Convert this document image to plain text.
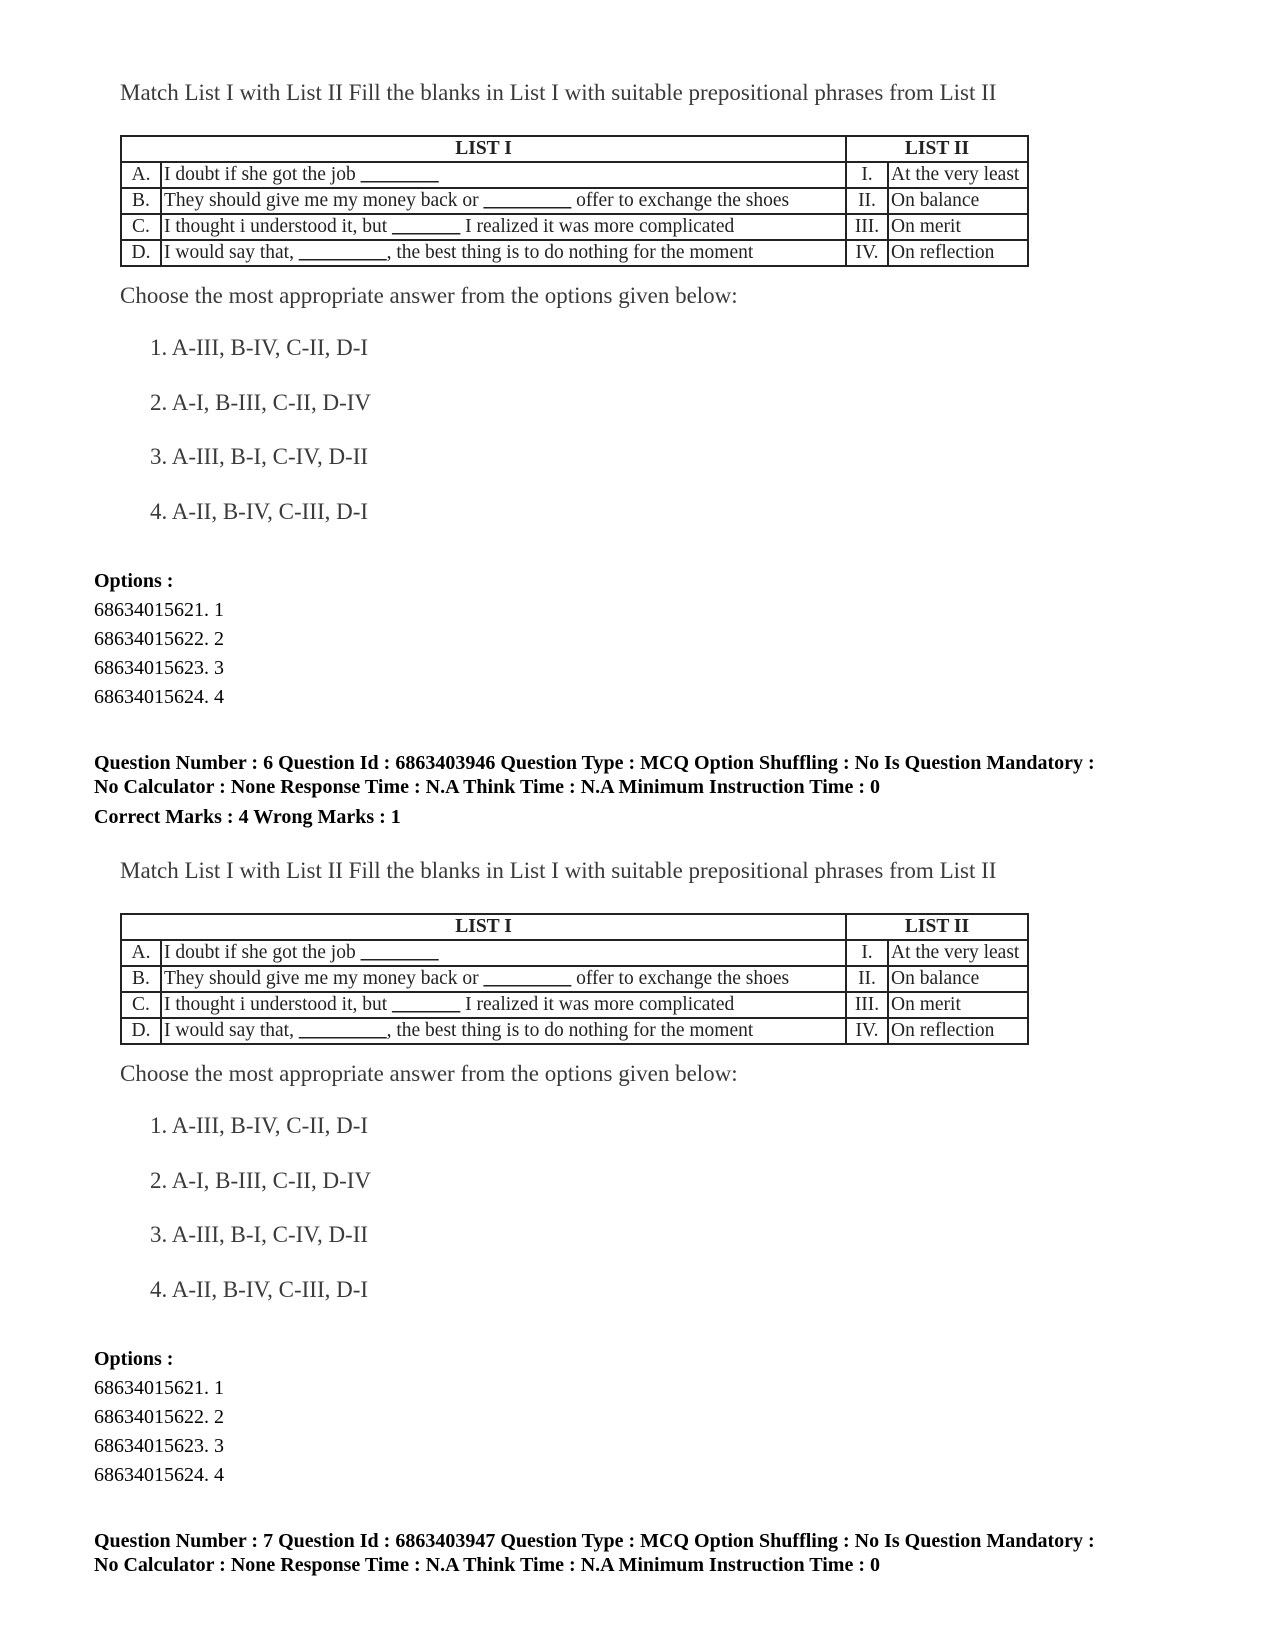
Match List I with List II Fill the blanks in List I with suitable prepositional phrases from List II
LIST I		LIST II	
A.	I doubt if she got the job ________	I.	At the very least
B.	They should give me my money back or _________ offer to exchange the shoes	II.	On balance
C.	I thought i understood it, but _______ I realized it was more complicated	III.	On merit
D.	I would say that, _________, the best thing is to do nothing for the moment	IV.	On reflection
Choose the most appropriate answer from the options given below:
1. A-III, B-IV, C-II, D-I
2. A-I, B-III, C-II, D-IV
3. A-III, B-I, C-IV, D-II
4. A-II, B-IV, C-III, D-I
Options :
68634015621. 1
68634015622. 2
68634015623. 3
68634015624. 4
Question Number : 6 Question Id : 6863403946 Question Type : MCQ Option Shuffling : No Is Question Mandatory :
No Calculator : None Response Time : N.A Think Time : N.A Minimum Instruction Time : 0
Correct Marks : 4 Wrong Marks : 1
Match List I with List II Fill the blanks in List I with suitable prepositional phrases from List II
LIST I		LIST II	
A.	I doubt if she got the job ________	I.	At the very least
B.	They should give me my money back or _________ offer to exchange the shoes	II.	On balance
C.	I thought i understood it, but _______ I realized it was more complicated	III.	On merit
D.	I would say that, _________, the best thing is to do nothing for the moment	IV.	On reflection
Choose the most appropriate answer from the options given below:
1. A-III, B-IV, C-II, D-I
2. A-I, B-III, C-II, D-IV
3. A-III, B-I, C-IV, D-II
4. A-II, B-IV, C-III, D-I
Options :
68634015621. 1
68634015622. 2
68634015623. 3
68634015624. 4
Question Number : 7 Question Id : 6863403947 Question Type : MCQ Option Shuffling : No Is Question Mandatory :
No Calculator : None Response Time : N.A Think Time : N.A Minimum Instruction Time : 0
